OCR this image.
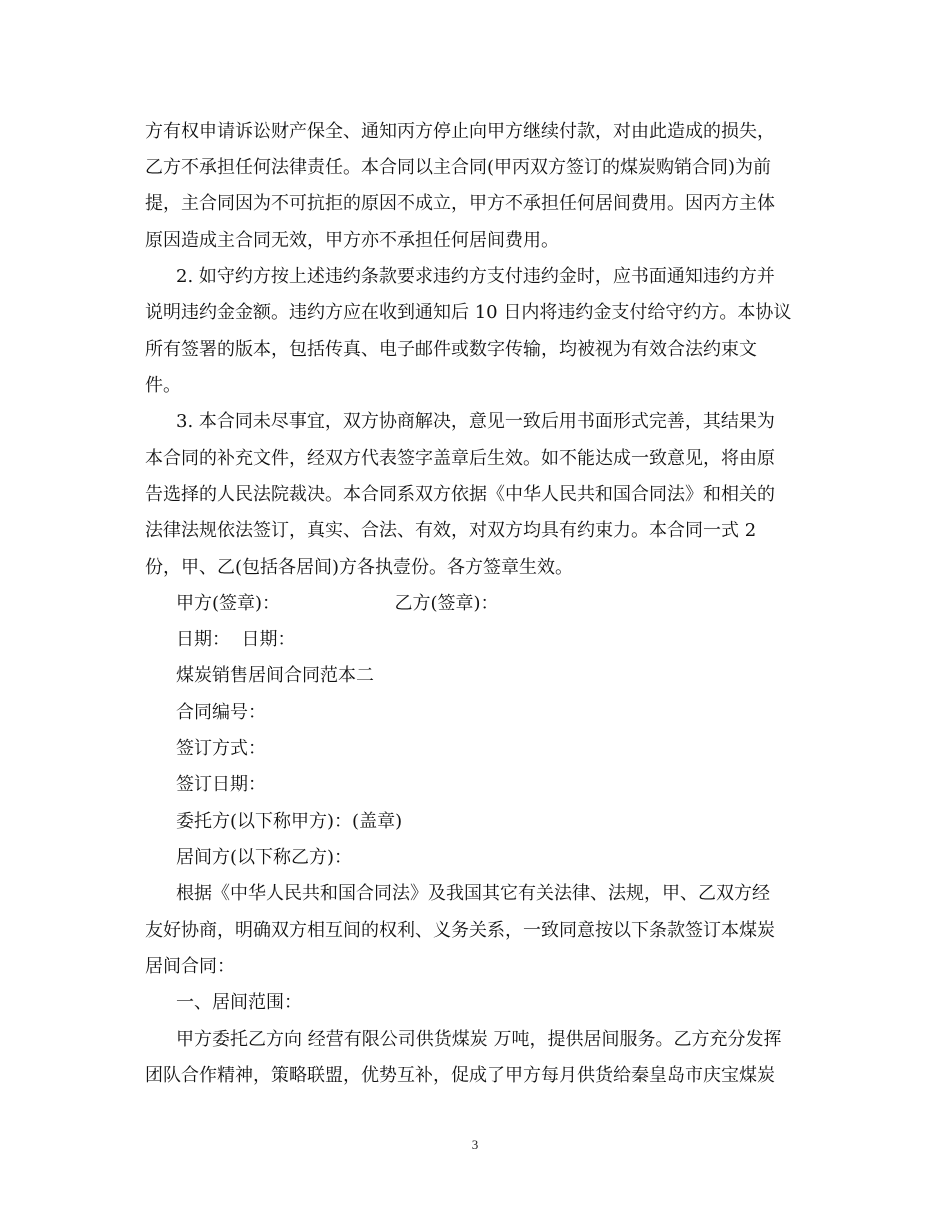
方有权申请诉讼财产保全、通知丙方停止向甲方继续付款，对由此造成的损失，
乙方不承担任何法律责任。本合同以主合同(甲丙双方签订的煤炭购销合同)为前
提，主合同因为不可抗拒的原因不成立，甲方不承担任何居间费用。因丙方主体
原因造成主合同无效，甲方亦不承担任何居间费用。
2. 如守约方按上述违约条款要求违约方支付违约金时，应书面通知违约方并
说明违约金金额。违约方应在收到通知后 10 日内将违约金支付给守约方。本协议
所有签署的版本，包括传真、电子邮件或数字传输，均被视为有效合法约束文
件。
3. 本合同未尽事宜，双方协商解决，意见一致后用书面形式完善，其结果为
本合同的补充文件，经双方代表签字盖章后生效。如不能达成一致意见，将由原
告选择的人民法院裁决。本合同系双方依据《中华人民共和国合同法》和相关的
法律法规依法签订，真实、合法、有效，对双方均具有约束力。本合同一式 2
份，甲、乙(包括各居间)方各执壹份。各方签章生效。
甲方(签章)：                    乙方(签章)：
日期：  日期：
煤炭销售居间合同范本二
合同编号：
签订方式：
签订日期：
委托方(以下称甲方)：(盖章)
居间方(以下称乙方)：
根据《中华人民共和国合同法》及我国其它有关法律、法规，甲、乙双方经
友好协商，明确双方相互间的权利、义务关系，一致同意按以下条款签订本煤炭
居间合同：
一、居间范围：
甲方委托乙方向 经营有限公司供货煤炭 万吨，提供居间服务。乙方充分发挥
团队合作精神，策略联盟，优势互补，促成了甲方每月供货给秦皇岛市庆宝煤炭
3
